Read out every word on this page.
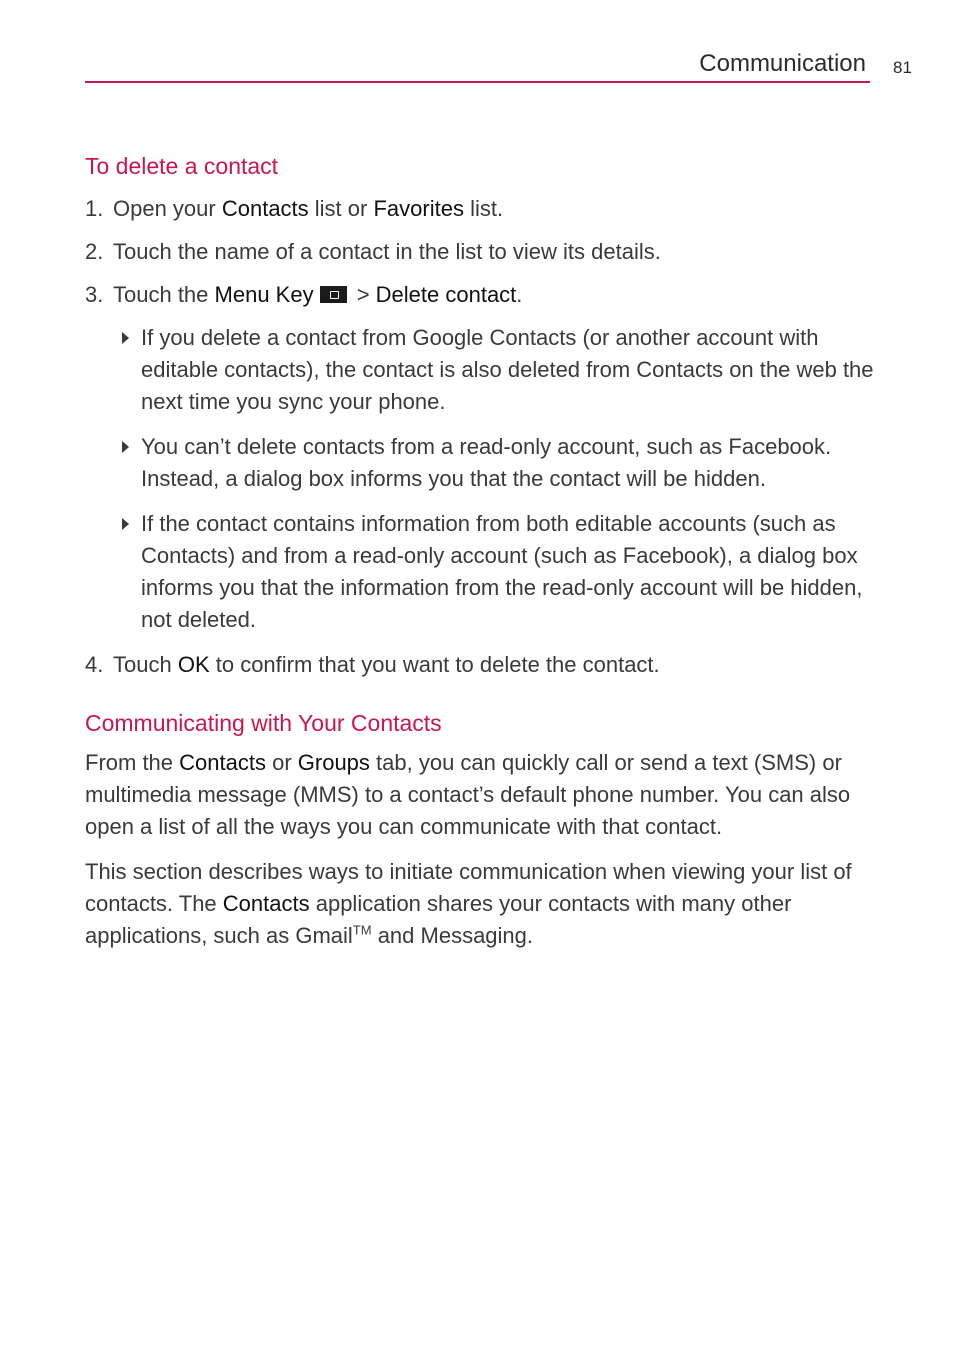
Communication 81
To delete a contact

1. Open your Contacts list or Favorites list.

2. Touch the name of a contact in the list to view its details.

3. Touch the Menu Key > Delete contact.

If you delete a contact from Google Contacts (or another account with editable contacts), the contact is also deleted from Contacts on the web the next time you sync your phone.

You can’t delete contacts from a read-only account, such as Facebook. Instead, a dialog box informs you that the contact will be hidden.

If the contact contains information from both editable accounts (such as Contacts) and from a read-only account (such as Facebook), a dialog box informs you that the information from the read-only account will be hidden, not deleted.

4. Touch OK to confirm that you want to delete the contact.

Communicating with Your Contacts

From the Contacts or Groups tab, you can quickly call or send a text (SMS) or multimedia message (MMS) to a contact’s default phone number. You can also open a list of all the ways you can communicate with that contact.

This section describes ways to initiate communication when viewing your list of contacts. The Contacts application shares your contacts with many other applications, such as Gmail™ and Messaging.
